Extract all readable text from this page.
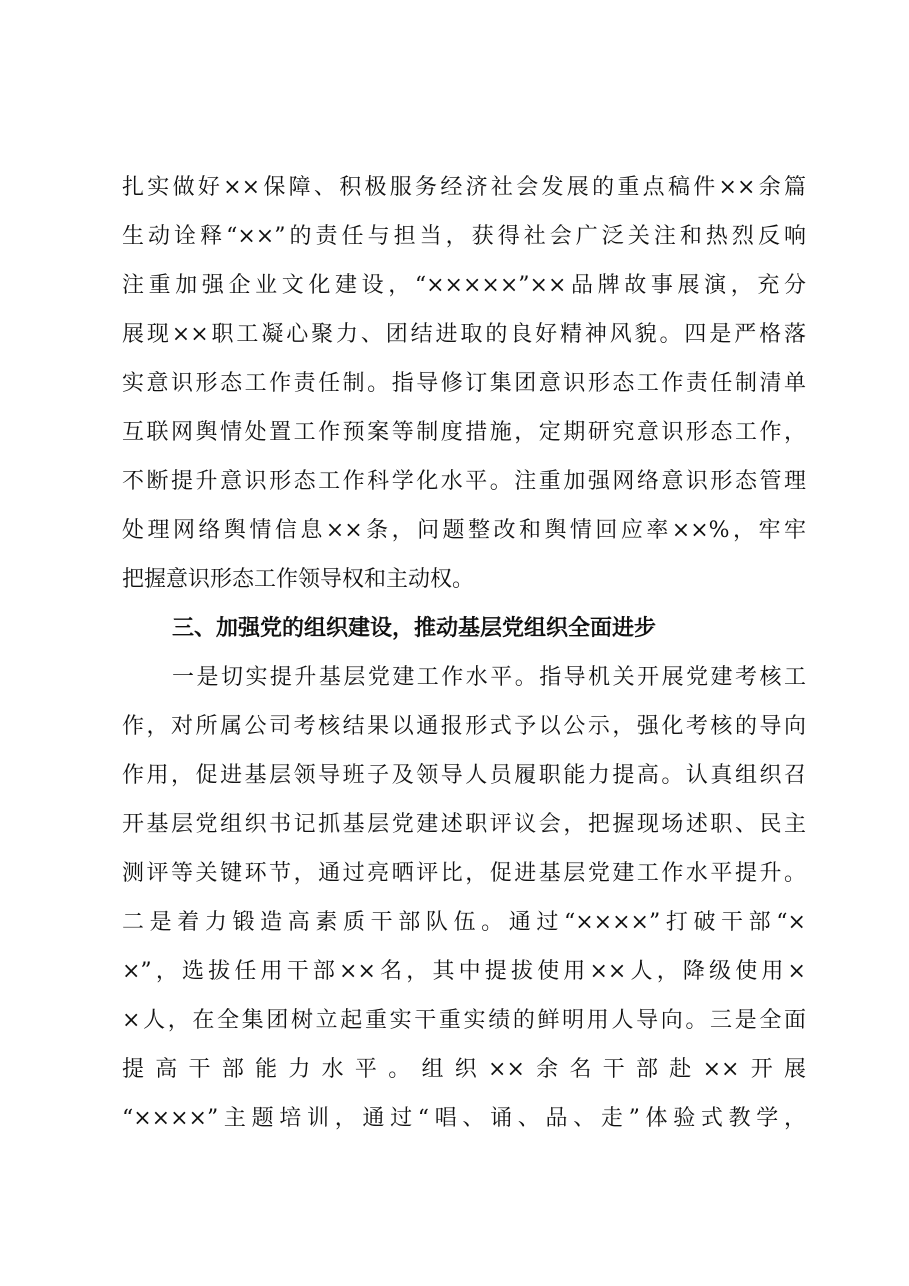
扎实做好××保障、积极服务经济社会发展的重点稿件××余篇
生动诠释“××”的责任与担当，获得社会广泛关注和热烈反响
注重加强企业文化建设，“×××××”××品牌故事展演，充分
展现××职工凝心聚力、团结进取的良好精神风貌。四是严格落
实意识形态工作责任制。指导修订集团意识形态工作责任制清单
互联网舆情处置工作预案等制度措施，定期研究意识形态工作，
不断提升意识形态工作科学化水平。注重加强网络意识形态管理
处理网络舆情信息××条，问题整改和舆情回应率××%，牢牢
把握意识形态工作领导权和主动权。
三、加强党的组织建设，推动基层党组织全面进步
一是切实提升基层党建工作水平。指导机关开展党建考核工
作，对所属公司考核结果以通报形式予以公示，强化考核的导向
作用，促进基层领导班子及领导人员履职能力提高。认真组织召
开基层党组织书记抓基层党建述职评议会，把握现场述职、民主
测评等关键环节，通过亮晒评比，促进基层党建工作水平提升。
二是着力锻造高素质干部队伍。通过“××××”打破干部“×
×”，选拔任用干部××名，其中提拔使用××人，降级使用×
×人，在全集团树立起重实干重实绩的鲜明用人导向。三是全面
提高干部能力水平。组织××余名干部赴××开展
“××××”主题培训，通过“唱、诵、品、走”体验式教学，
